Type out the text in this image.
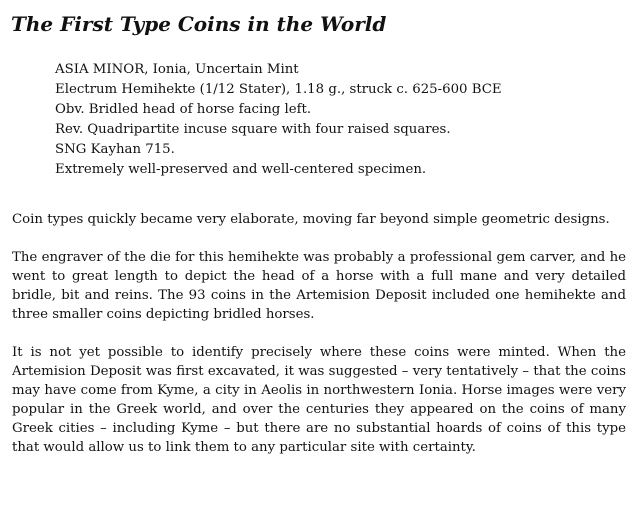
The First Type Coins in the World
ASIA MINOR, Ionia, Uncertain Mint
Electrum Hemihekte (1/12 Stater), 1.18 g., struck c. 625-600 BCE
Obv. Bridled head of horse facing left.
Rev. Quadripartite incuse square with four raised squares.
SNG Kayhan 715.
Extremely well-preserved and well-centered specimen.

Coin types quickly became very elaborate, moving far beyond simple geometric designs.

The engraver of the die for this hemihekte was probably a professional gem carver, and he went to great length to depict the head of a horse with a full mane and very detailed bridle, bit and reins. The 93 coins in the Artemision Deposit included one hemihekte and three smaller coins depicting bridled horses.

It is not yet possible to identify precisely where these coins were minted. When the Artemision Deposit was first excavated, it was suggested – very tentatively – that the coins may have come from Kyme, a city in Aeolis in northwestern Ionia. Horse images were very popular in the Greek world, and over the centuries they appeared on the coins of many Greek cities – including Kyme – but there are no substantial hoards of coins of this type that would allow us to link them to any particular site with certainty.
